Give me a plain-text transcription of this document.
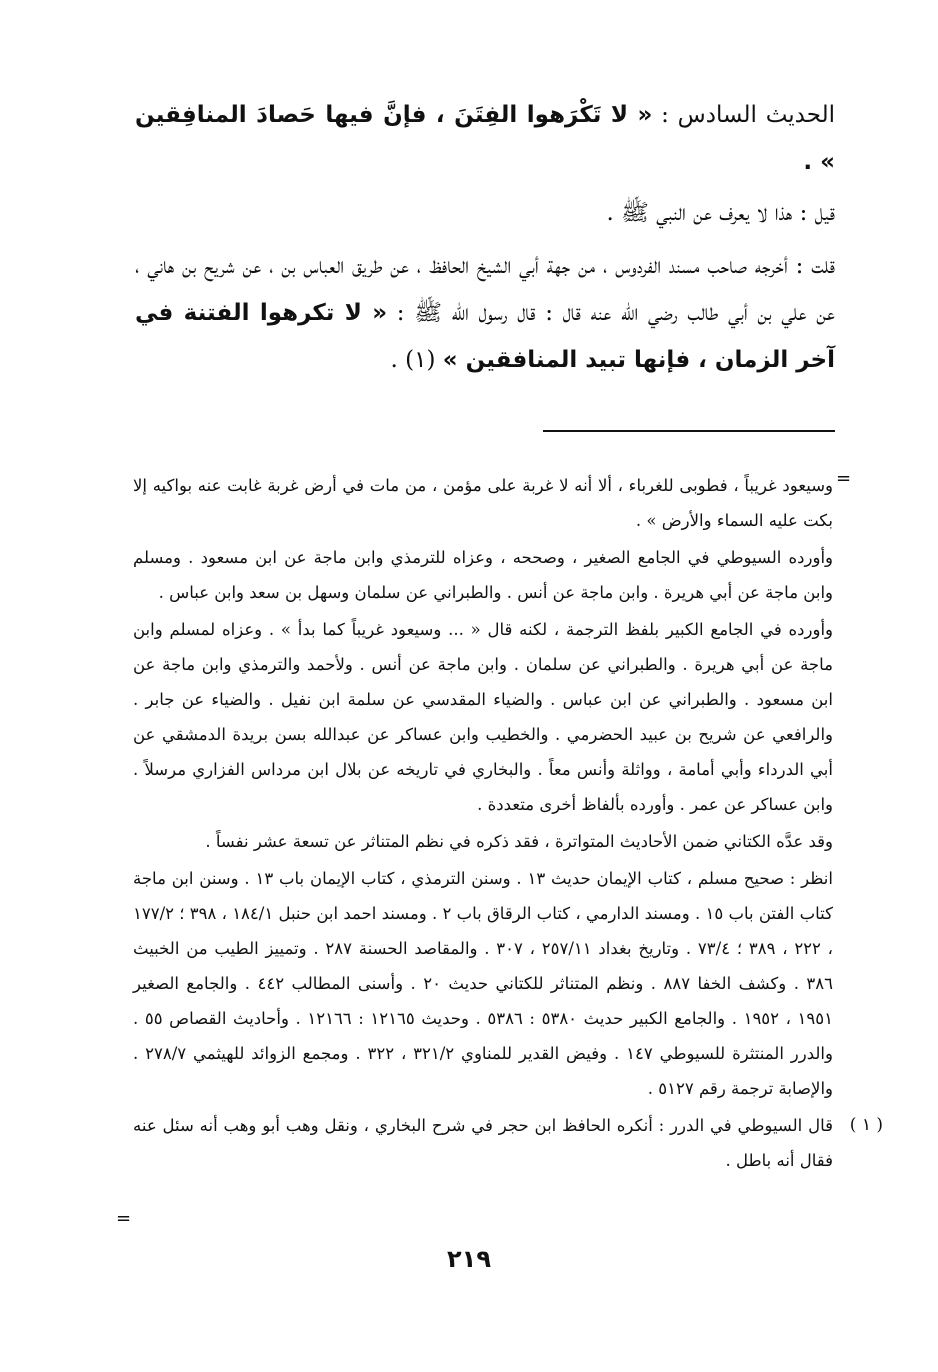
الحديث السادس : « لا تَكْرَهوا الفِتَنَ ، فإنَّ فيها حَصادَ المنافِقين » .

قيل : هذا لا يعرف عن النبي ﷺ .

قلت : أخرجه صاحب مسند الفردوس ، من جهة أبي الشيخ الحافظ ، عن طريق العباس بن ، عن شريح بن هاني ، عن علي بن أبي طالب رضي الله عنه قال : قال رسول الله ﷺ : « لا تكرهوا الفتنة في آخر الزمان ، فإنها تبيد المنافقين » (١) .

=

وسيعود غريباً ، فطوبى للغرباء ، ألا أنه لا غربة على مؤمن ، من مات في أرض غربة غابت عنه بواكيه إلا بكت عليه السماء والأرض » .

وأورده السيوطي في الجامع الصغير ، وصححه ، وعزاه للترمذي وابن ماجة عن ابن مسعود . ومسلم وابن ماجة عن أبي هريرة . وابن ماجة عن أنس . والطبراني عن سلمان وسهل بن سعد وابن عباس .

وأورده في الجامع الكبير بلفظ الترجمة ، لكنه قال « ... وسيعود غريباً كما بدأ » . وعزاه لمسلم وابن ماجة عن أبي هريرة . والطبراني عن سلمان . وابن ماجة عن أنس . ولأحمد والترمذي وابن ماجة عن ابن مسعود . والطبراني عن ابن عباس . والضياء المقدسي عن سلمة ابن نفيل . والضياء عن جابر . والرافعي عن شريح بن عبيد الحضرمي . والخطيب وابن عساكر عن عبدالله بسن بريدة الدمشقي عن أبي الدرداء وأبي أمامة ، وواثلة وأنس معاً . والبخاري في تاريخه عن بلال ابن مرداس الفزاري مرسلاً . وابن عساكر عن عمر . وأورده بألفاظ أخرى متعددة .

وقد عدَّه الكتاني ضمن الأحاديث المتواترة ، فقد ذكره في نظم المتناثر عن تسعة عشر نفساً .

انظر : صحيح مسلم ، كتاب الإيمان حديث ١٣ . وسنن الترمذي ، كتاب الإيمان باب ١٣ . وسنن ابن ماجة كتاب الفتن باب ١٥ . ومسند الدارمي ، كتاب الرقاق باب ٢ . ومسند احمد ابن حنبل ١٨٤/١ ، ٣٩٨ ؛ ١٧٧/٢ ، ٢٢٢ ، ٣٨٩ ؛ ٧٣/٤ . وتاريخ بغداد ٢٥٧/١١ ، ٣٠٧ . والمقاصد الحسنة ٢٨٧ . وتمييز الطيب من الخبيث ٣٨٦ . وكشف الخفا ٨٨٧ . ونظم المتناثر للكتاني حديث ٢٠ . وأسنى المطالب ٤٤٢ . والجامع الصغير ١٩٥١ ، ١٩٥٢ . والجامع الكبير حديث ٥٣٨٠ : ٥٣٨٦ . وحديث ١٢١٦٥ : ١٢١٦٦ . وأحاديث القصاص ٥٥ . والدرر المنتثرة للسيوطي ١٤٧ . وفيض القدير للمناوي ٣٢١/٢ ، ٣٢٢ . ومجمع الزوائد للهيثمي ٢٧٨/٧ . والإصابة ترجمة رقم ٥١٢٧ .

( ١ )
قال السيوطي في الدرر : أنكره الحافظ ابن حجر في شرح البخاري ، ونقل وهب أبو وهب أنه سئل عنه فقال أنه باطل .

=
٢١٩
